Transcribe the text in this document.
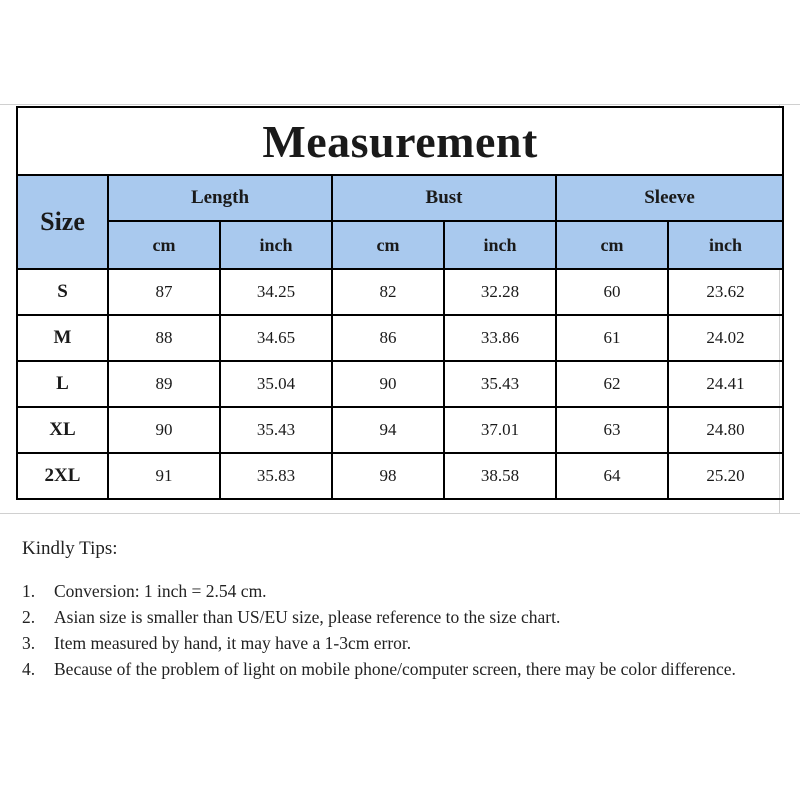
Measurement						
Size	Length		Bust		Sleeve	
	cm	inch	cm	inch	cm	inch
S	87	34.25	82	32.28	60	23.62
M	88	34.65	86	33.86	61	24.02
L	89	35.04	90	35.43	62	24.41
XL	90	35.43	94	37.01	63	24.80
2XL	91	35.83	98	38.58	64	25.20

Kindly Tips:

1. Conversion: 1 inch = 2.54 cm.
2. Asian size is smaller than US/EU size, please reference to the size chart.
3. Item measured by hand, it may have a 1-3cm error.
4. Because of the problem of light on mobile phone/computer screen, there may be color difference.
